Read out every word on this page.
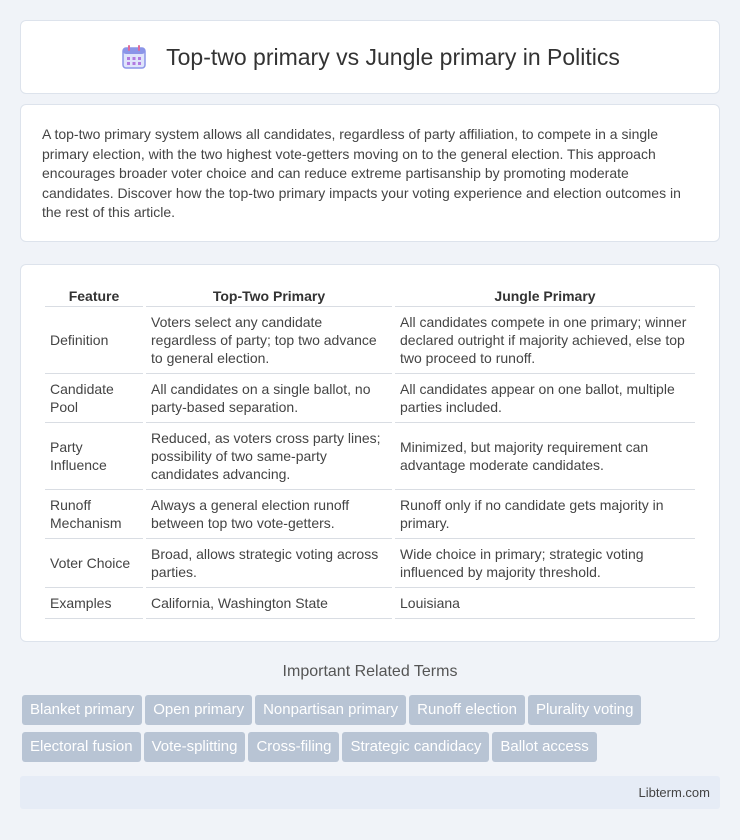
Top-two primary vs Jungle primary in Politics

A top-two primary system allows all candidates, regardless of party affiliation, to compete in a single primary election, with the two highest vote-getters moving on to the general election. This approach encourages broader voter choice and can reduce extreme partisanship by promoting moderate candidates. Discover how the top-two primary impacts your voting experience and election outcomes in the rest of this article.

Feature	Top-Two Primary	Jungle Primary
Definition	Voters select any candidate regardless of party; top two advance to general election.	All candidates compete in one primary; winner declared outright if majority achieved, else top two proceed to runoff.
Candidate Pool	All candidates on a single ballot, no party-based separation.	All candidates appear on one ballot, multiple parties included.
Party Influence	Reduced, as voters cross party lines; possibility of two same-party candidates advancing.	Minimized, but majority requirement can advantage moderate candidates.
Runoff Mechanism	Always a general election runoff between top two vote-getters.	Runoff only if no candidate gets majority in primary.
Voter Choice	Broad, allows strategic voting across parties.	Wide choice in primary; strategic voting influenced by majority threshold.
Examples	California, Washington State	Louisiana
Important Related Terms
Blanket primary Open primary Nonpartisan primary Runoff election Plurality voting
Electoral fusion Vote-splitting Cross-filing Strategic candidacy Ballot access
Libterm.com
